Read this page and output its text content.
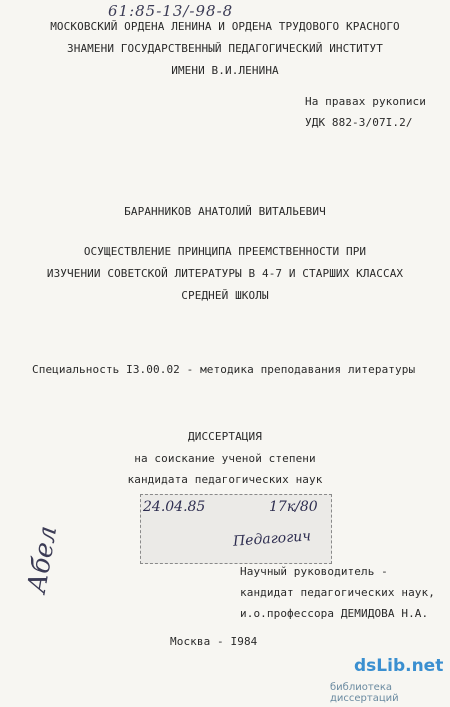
61:85-13/-98-8
МОСКОВСКИЙ ОРДЕНА ЛЕНИНА И ОРДЕНА ТРУДОВОГО КРАСНОГО
ЗНАМЕНИ ГОСУДАРСТВЕННЫЙ ПЕДАГОГИЧЕСКИЙ ИНСТИТУТ
ИМЕНИ В.И.ЛЕНИНА
На правах рукописи
УДК 882-3/07I.2/
БАРАННИКОВ АНАТОЛИЙ ВИТАЛЬЕВИЧ
ОСУЩЕСТВЛЕНИЕ ПРИНЦИПА ПРЕЕМСТВЕННОСТИ ПРИ
ИЗУЧЕНИИ СОВЕТСКОЙ ЛИТЕРАТУРЫ В 4-7 И СТАРШИХ КЛАССАХ
СРЕДНЕЙ ШКОЛЫ
Специальность I3.00.02 - методика преподавания литературы
ДИССЕРТАЦИЯ
на соискание ученой степени
кандидата педагогических наук
24.04.85	17к/80
Педагогич
Абел	Научный руководитель -
кандидат педагогических наук,
и.о.профессора ДЕМИДОВА Н.А.
Москва - I984
dsLib.net
библиотека диссертаций
